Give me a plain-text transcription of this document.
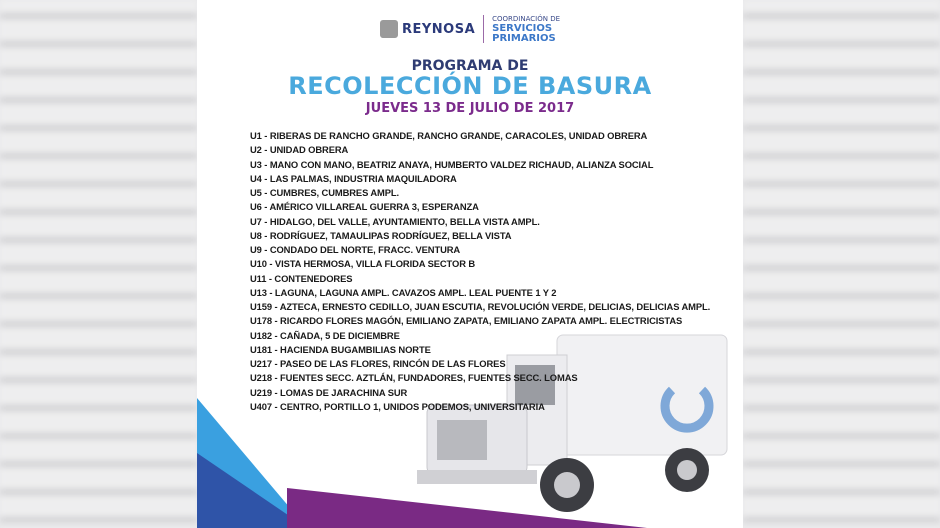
REYNOSA
COORDINACIÓN DE
SERVICIOS
PRIMARIOS
PROGRAMA DE
RECOLECCIÓN DE BASURA
JUEVES 13 DE JULIO DE 2017
U1 - RIBERAS DE RANCHO GRANDE, RANCHO GRANDE, CARACOLES, UNIDAD OBRERA
U2 - UNIDAD OBRERA
U3 - MANO CON MANO, BEATRIZ ANAYA, HUMBERTO VALDEZ RICHAUD, ALIANZA SOCIAL
U4 - LAS PALMAS, INDUSTRIA MAQUILADORA
U5 - CUMBRES, CUMBRES AMPL.
U6 - AMÉRICO VILLAREAL GUERRA 3, ESPERANZA
U7 - HIDALGO, DEL VALLE, AYUNTAMIENTO, BELLA VISTA AMPL.
U8 - RODRÍGUEZ, TAMAULIPAS RODRÍGUEZ, BELLA VISTA
U9 - CONDADO DEL NORTE, FRACC. VENTURA
U10 - VISTA HERMOSA, VILLA FLORIDA SECTOR B
U11 - CONTENEDORES
U13 - LAGUNA, LAGUNA AMPL. CAVAZOS AMPL. LEAL PUENTE 1 Y 2
U159 - AZTECA, ERNESTO CEDILLO, JUAN ESCUTIA, REVOLUCIÓN VERDE, DELICIAS, DELICIAS AMPL.
U178 - RICARDO FLORES MAGÓN, EMILIANO ZAPATA, EMILIANO ZAPATA AMPL. ELECTRICISTAS
U182 - CAÑADA, 5 DE DICIEMBRE
U181 - HACIENDA BUGAMBILIAS NORTE
U217 - PASEO DE LAS FLORES, RINCÓN DE LAS FLORES
U218 - FUENTES SECC. AZTLÁN, FUNDADORES, FUENTES SECC. LOMAS
U219 - LOMAS DE JARACHINA SUR
U407 - CENTRO, PORTILLO 1, UNIDOS PODEMOS, UNIVERSITARIA
